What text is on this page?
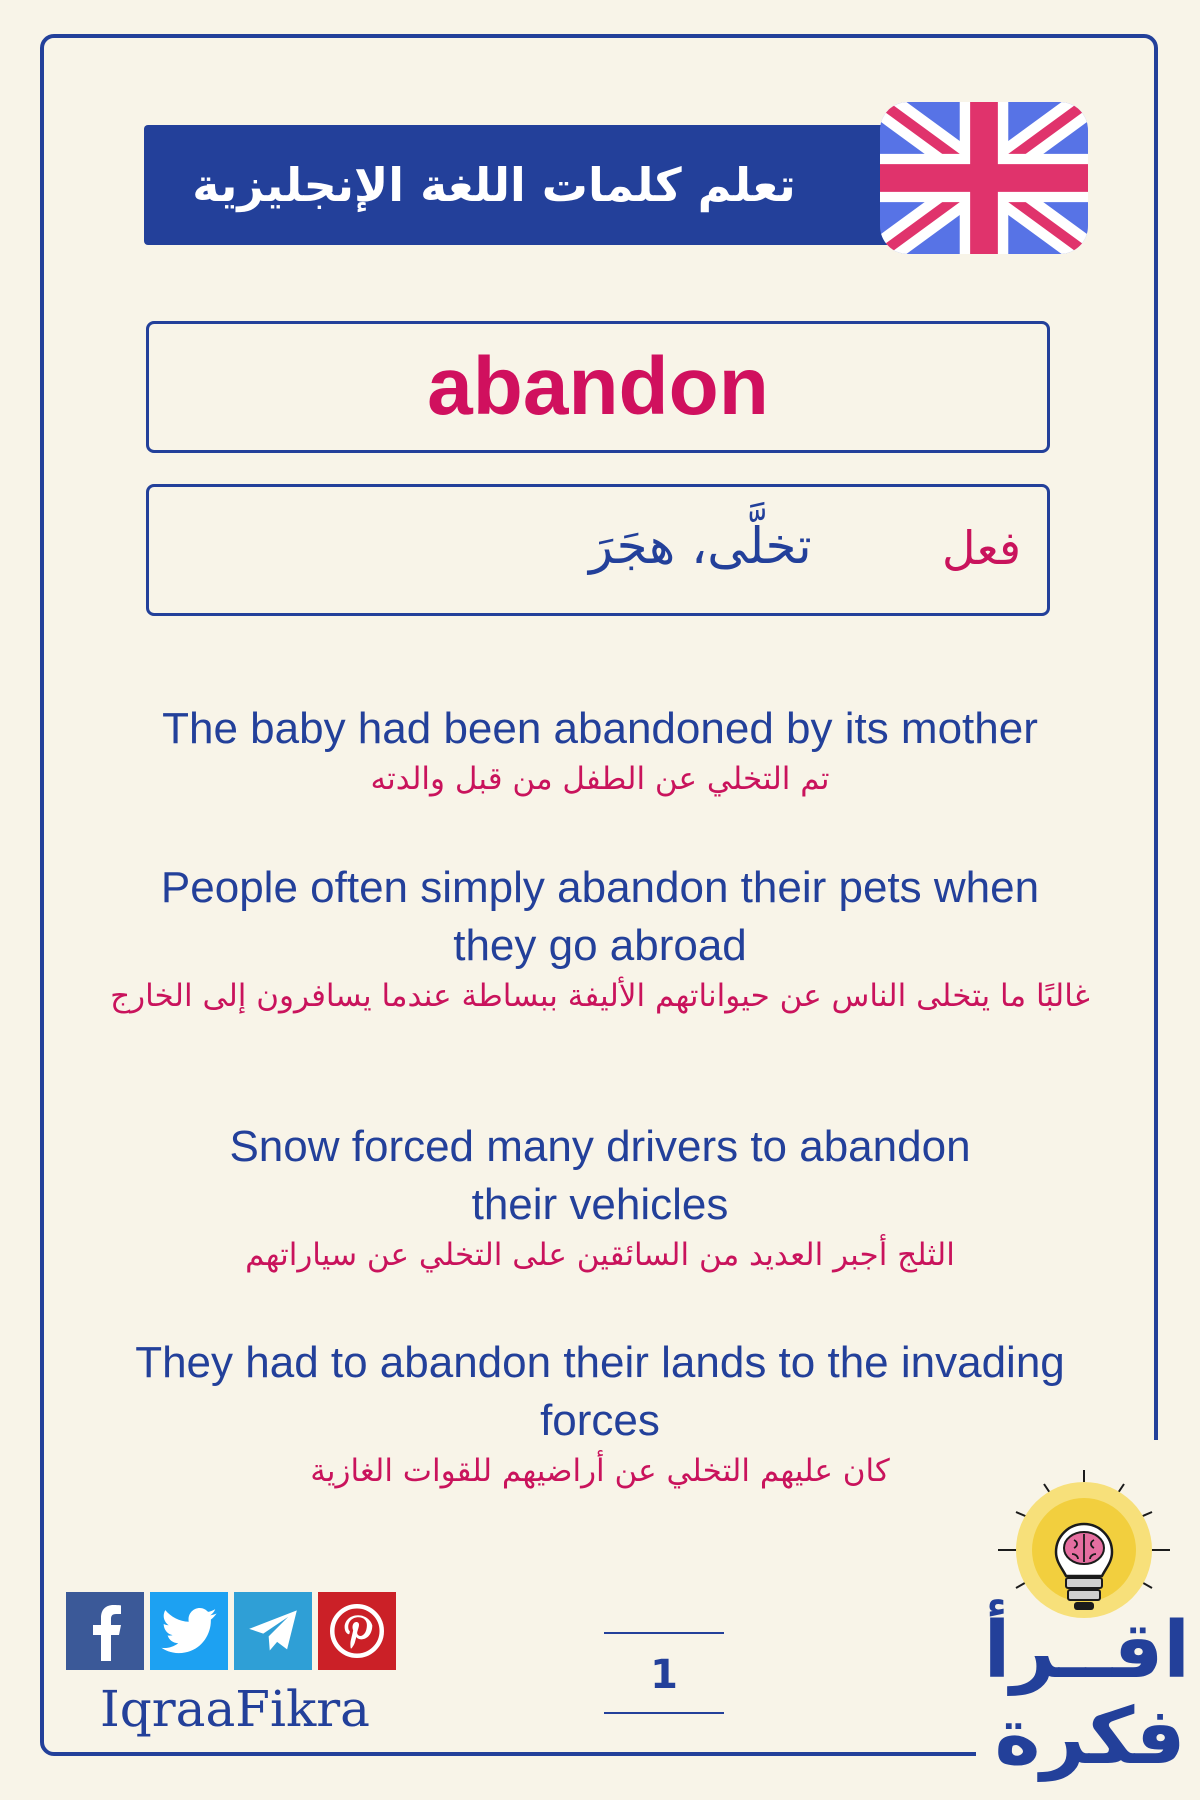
تعلم كلمات اللغة الإنجليزية
abandon
تخلَّى، هجَرَ	فعل
The baby had been abandoned by its mother
تم التخلي عن الطفل من قبل والدته
People often simply abandon their pets when they go abroad
غالبًا ما يتخلى الناس عن حيواناتهم الأليفة ببساطة عندما يسافرون إلى الخارج
Snow forced many drivers to abandon their vehicles
الثلج أجبر العديد من السائقين على التخلي عن سياراتهم
They had to abandon their lands to the invading forces
كان عليهم التخلي عن أراضيهم للقوات الغازية
IqraaFikra
1	اقــرأ فكرة
